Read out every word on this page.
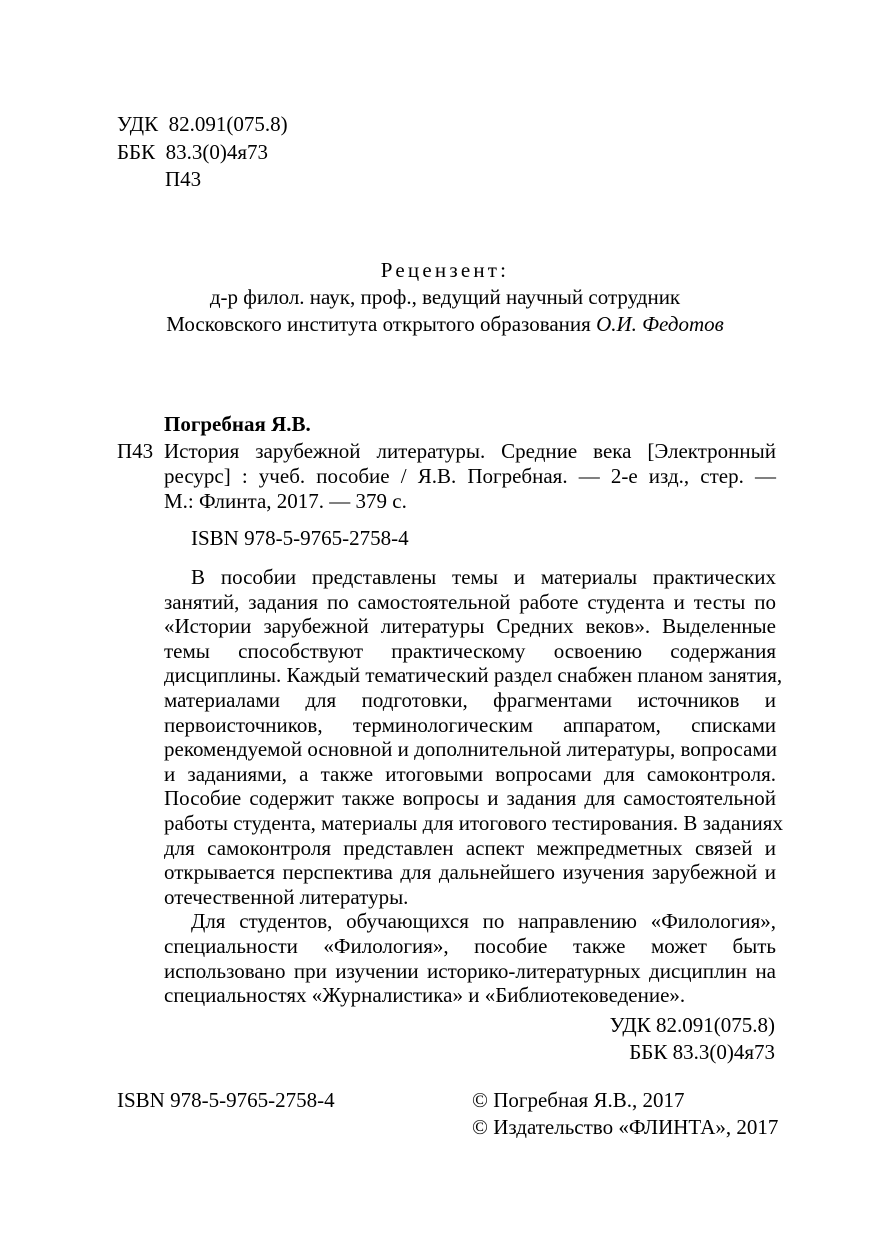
УДК 82.091(075.8)
ББК 83.3(0)4я73
П43
Рецензент:
д-р филол. наук, проф., ведущий научный сотрудник
Московского института открытого образования О.И. Федотов
Погребная Я.В.
П43 История зарубежной литературы. Средние века [Электронный
ресурс] : учеб. пособие / Я.В. Погребная. — 2-е изд., стер. —
М.: Флинта, 2017. — 379 с.
ISBN 978-5-9765-2758-4
В пособии представлены темы и материалы практических
занятий, задания по самостоятельной работе студента и тесты по
«Истории зарубежной литературы Средних веков». Выделенные
темы способствуют практическому освоению содержания
дисциплины. Каждый тематический раздел снабжен планом занятия,
материалами для подготовки, фрагментами источников и
первоисточников, терминологическим аппаратом, списками
рекомендуемой основной и дополнительной литературы, вопросами
и заданиями, а также итоговыми вопросами для самоконтроля.
Пособие содержит также вопросы и задания для самостоятельной
работы студента, материалы для итогового тестирования. В заданиях
для самоконтроля представлен аспект межпредметных связей и
открывается перспектива для дальнейшего изучения зарубежной и
отечественной литературы.
Для студентов, обучающихся по направлению «Филология»,
специальности «Филология», пособие также может быть
использовано при изучении историко-литературных дисциплин на
специальностях «Журналистика» и «Библиотековедение».
УДК 82.091(075.8)
ББК 83.3(0)4я73
ISBN 978-5-9765-2758-4	© Погребная Я.В., 2017
© Издательство «ФЛИНТА», 2017
